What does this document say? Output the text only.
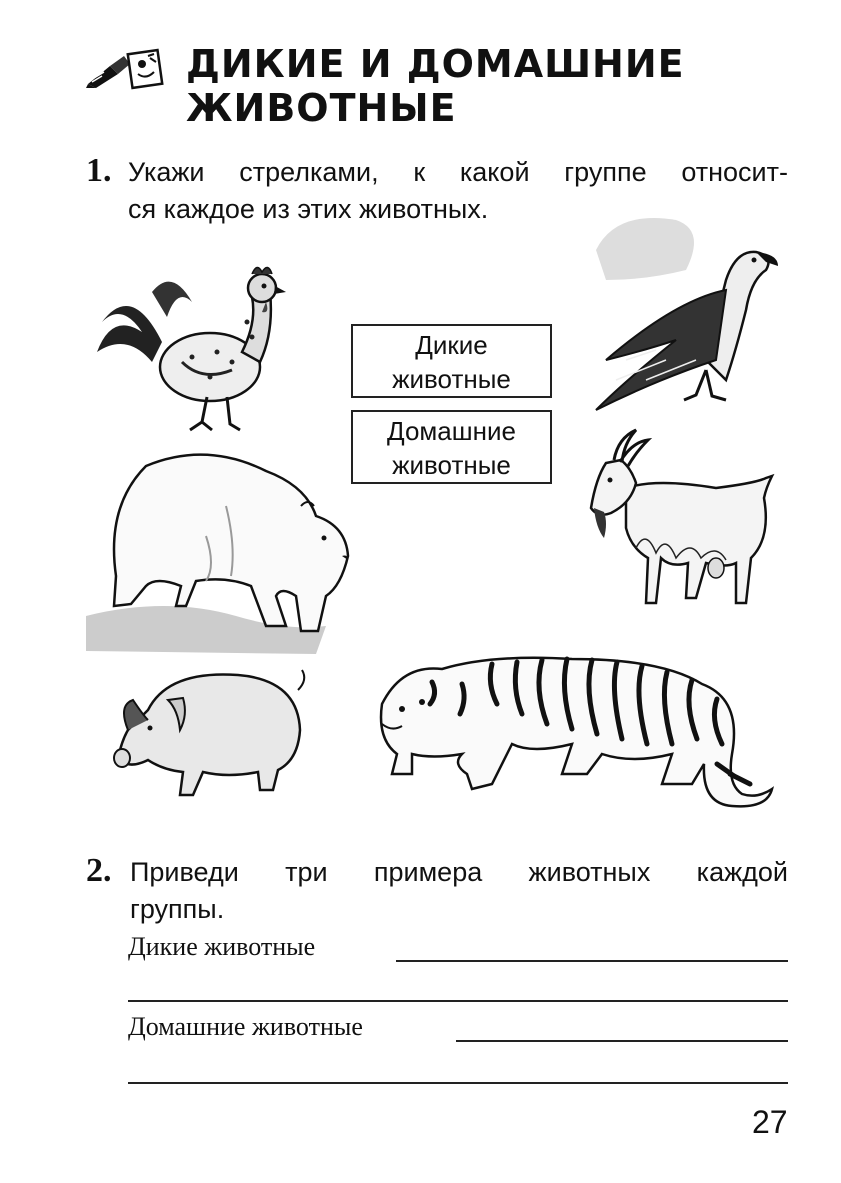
ДИКИЕ И ДОМАШНИЕ
ЖИВОТНЫЕ
1. Укажи стрелками, к какой группе относит-
ся каждое из этих животных.
Дикие
животные
Домашние
животные
2. Приведи три примера животных каждой
группы.
Дикие животные
Домашние животные
27
